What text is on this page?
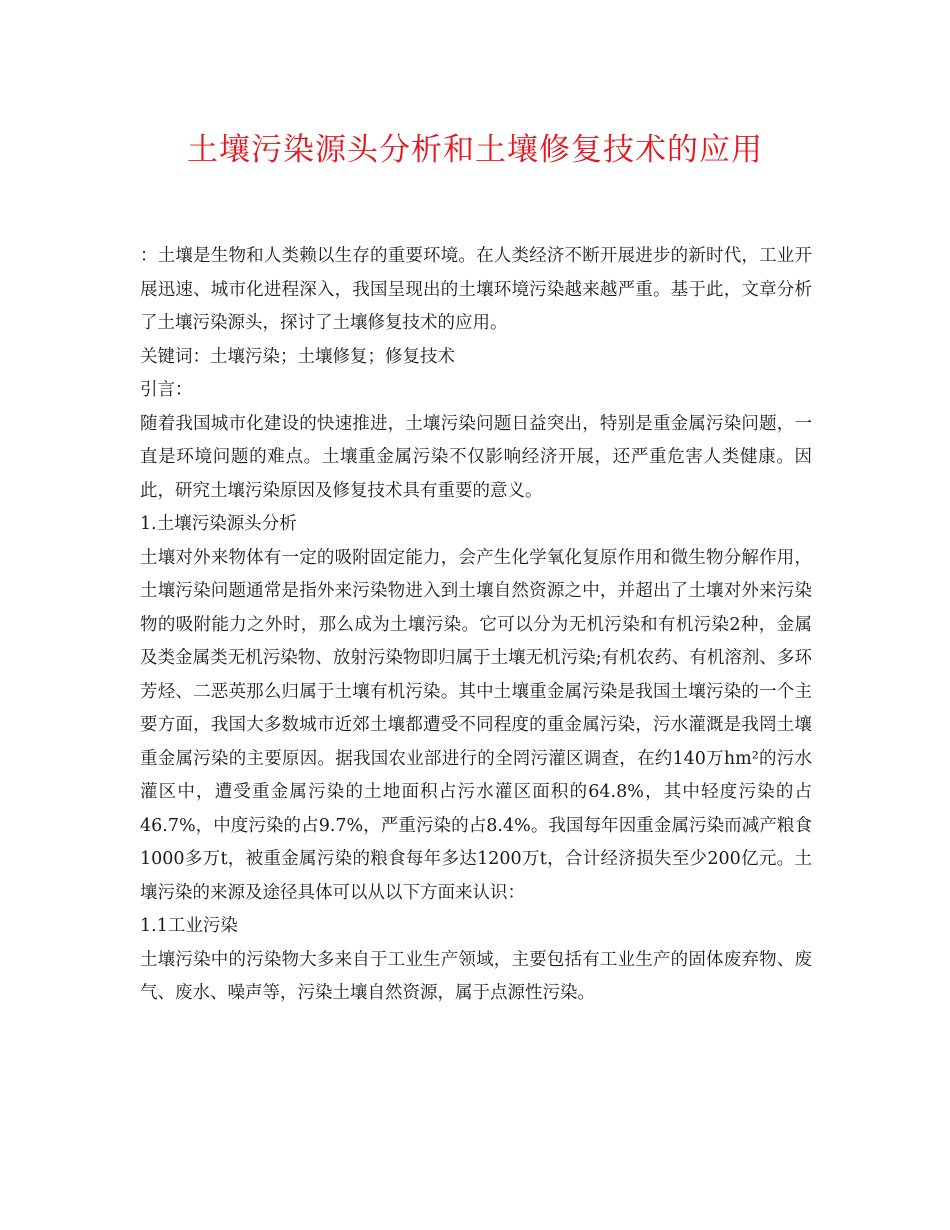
土壤污染源头分析和土壤修复技术的应用

：土壤是生物和人类赖以生存的重要环境。在人类经济不断开展进步的新时代，工业开展迅速、城市化进程深入，我国呈现出的土壤环境污染越来越严重。基于此，文章分析了土壤污染源头，探讨了土壤修复技术的应用。

关键词：土壤污染；土壤修复；修复技术

引言：

随着我国城市化建设的快速推进，土壤污染问题日益突出，特别是重金属污染问题，一直是环境问题的难点。土壤重金属污染不仅影响经济开展，还严重危害人类健康。因此，研究土壤污染原因及修复技术具有重要的意义。

1.土壤污染源头分析

土壤对外来物体有一定的吸附固定能力，会产生化学氧化复原作用和微生物分解作用，土壤污染问题通常是指外来污染物进入到土壤自然资源之中，并超出了土壤对外来污染物的吸附能力之外时，那么成为土壤污染。它可以分为无机污染和有机污染2种，金属及类金属类无机污染物、放射污染物即归属于土壤无机污染;有机农药、有机溶剂、多环芳烃、二恶英那么归属于土壤有机污染。其中土壤重金属污染是我国土壤污染的一个主要方面，我国大多数城市近郊土壤都遭受不同程度的重金属污染，污水灌溉是我罔土壤重金属污染的主要原因。据我国农业部进行的全罔污灌区调查，在约140万hm²的污水灌区中，遭受重金属污染的土地面积占污水灌区面积的64.8%，其中轻度污染的占46.7%，中度污染的占9.7%，严重污染的占8.4%。我国每年因重金属污染而减产粮食1000多万t，被重金属污染的粮食每年多达1200万t，合计经济损失至少200亿元。土壤污染的来源及途径具体可以从以下方面来认识：

1.1工业污染

土壤污染中的污染物大多来自于工业生产领域，主要包括有工业生产的固体废弃物、废气、废水、噪声等，污染土壤自然资源，属于点源性污染。
